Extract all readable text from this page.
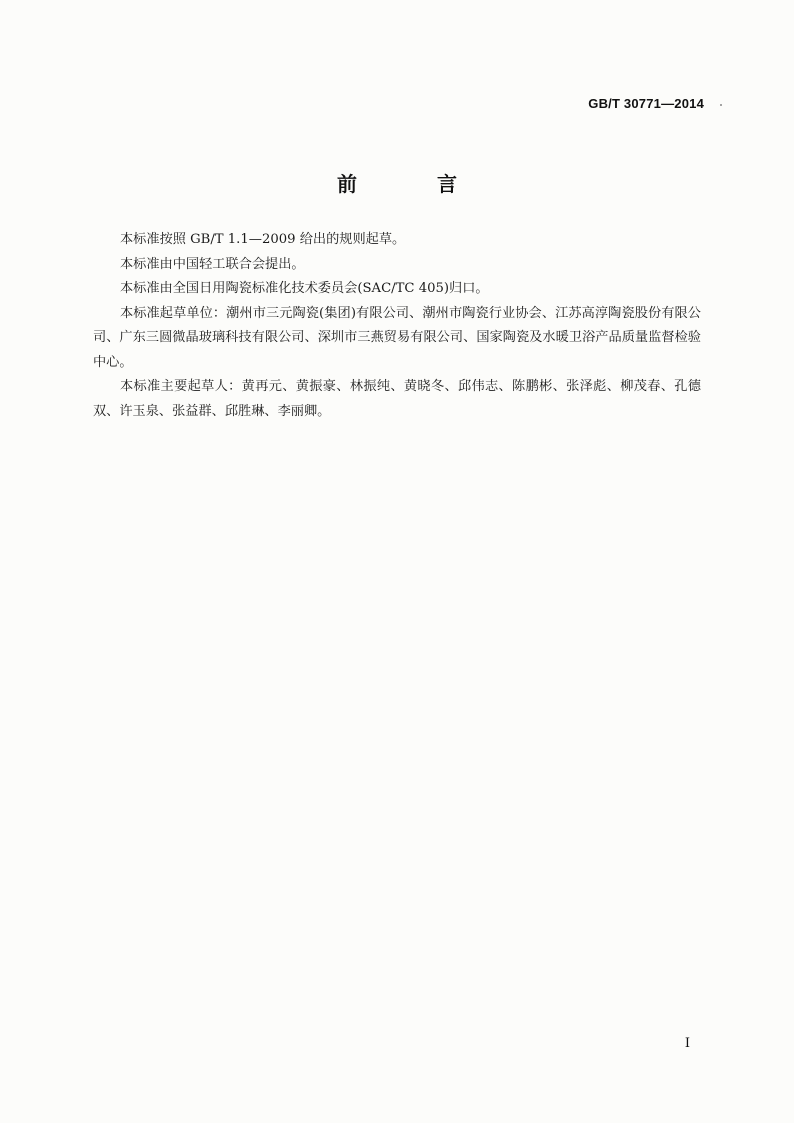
GB/T 30771—2014
前　言

本标准按照 GB/T 1.1—2009 给出的规则起草。

本标准由中国轻工联合会提出。

本标准由全国日用陶瓷标准化技术委员会(SAC/TC 405)归口。

本标准起草单位：潮州市三元陶瓷(集团)有限公司、潮州市陶瓷行业协会、江苏高淳陶瓷股份有限公司、广东三圆微晶玻璃科技有限公司、深圳市三燕贸易有限公司、国家陶瓷及水暖卫浴产品质量监督检验中心。

本标准主要起草人：黄再元、黄振豪、林振纯、黄晓冬、邱伟志、陈鹏彬、张泽彪、柳茂春、孔德双、许玉泉、张益群、邱胜琳、李丽卿。

I
